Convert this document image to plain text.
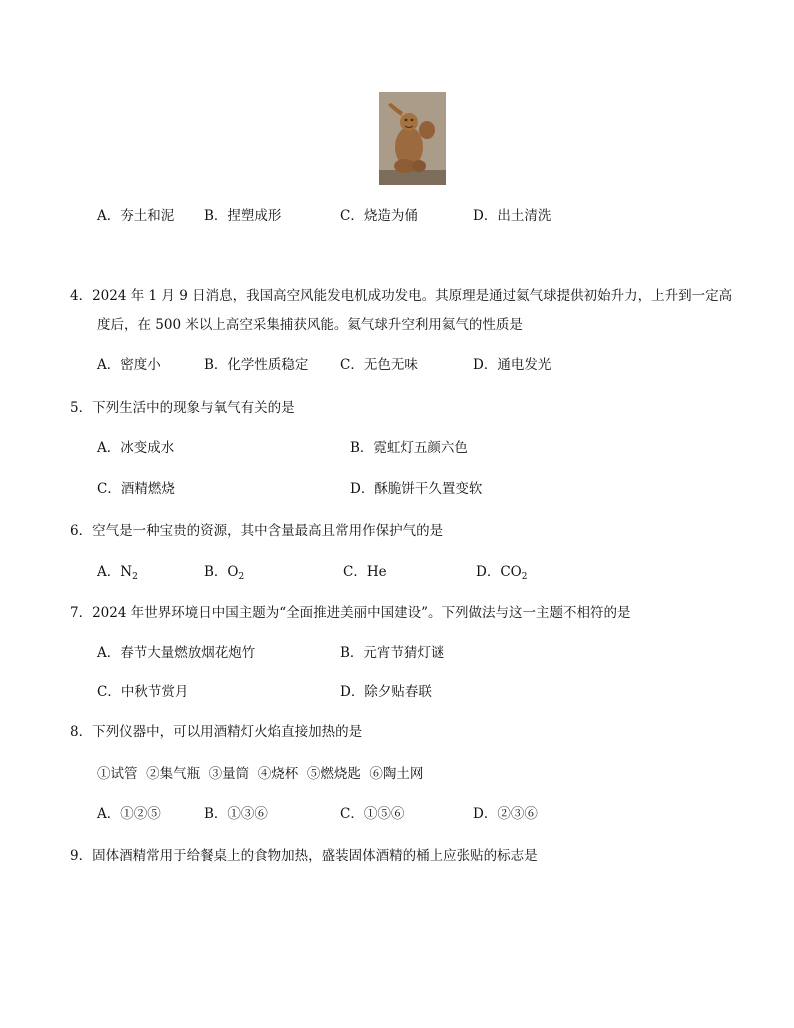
A．夯土和泥 B．捏塑成形	C．烧造为俑	D．出土清洗
4．2024 年 1 月 9 日消息，我国高空风能发电机成功发电。其原理是通过氦气球提供初始升力，上升到一定高
度后，在 500 米以上高空采集捕获风能。氦气球升空利用氦气的性质是
A．密度小	B．化学性质稳定 C．无色无味	D．通电发光
5．下列生活中的现象与氧气有关的是
A．冰变成水	B．霓虹灯五颜六色
C．酒精燃烧	D．酥脆饼干久置变软
6．空气是一种宝贵的资源，其中含量最高且常用作保护气的是
A．$N_2$	B．$O_2$	C．He	D．$CO_2$
7．2024 年世界环境日中国主题为“全面推进美丽中国建设”。下列做法与这一主题不相符的是
A．春节大量燃放烟花炮竹	B．元宵节猜灯谜
C．中秋节赏月	D．除夕贴春联
8．下列仪器中，可以用酒精灯火焰直接加热的是
①试管  ②集气瓶  ③量筒  ④烧杯  ⑤燃烧匙  ⑥陶土网
A．①②⑤	B．①③⑥	C．①⑤⑥	D．②③⑥
9．固体酒精常用于给餐桌上的食物加热，盛装固体酒精的桶上应张贴的标志是
